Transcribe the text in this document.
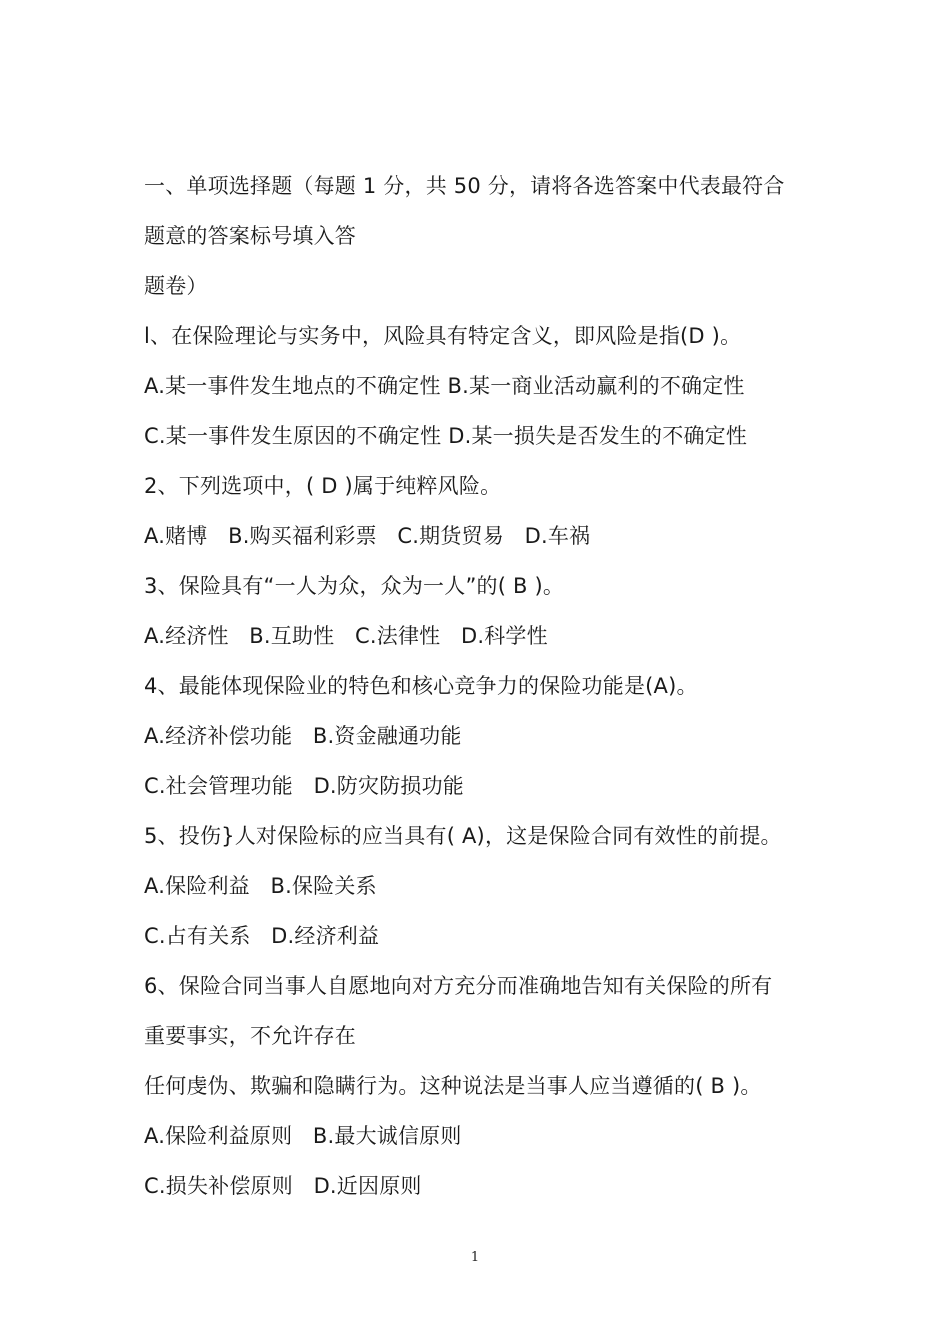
一、单项选择题（每题 1 分，共 50 分，请将各选答案中代表最符合
题意的答案标号填入答
题卷）
l、在保险理论与实务中，风险具有特定含义，即风险是指(D )。
A.某一事件发生地点的不确定性 B.某一商业活动赢利的不确定性
C.某一事件发生原因的不确定性 D.某一损失是否发生的不确定性
2、下列选项中，( D )属于纯粹风险。
A.赌博   B.购买福利彩票   C.期货贸易   D.车祸
3、保险具有“一人为众，众为一人”的( B )。
A.经济性   B.互助性   C.法律性   D.科学性
4、最能体现保险业的特色和核心竞争力的保险功能是(A)。
A.经济补偿功能   B.资金融通功能
C.社会管理功能   D.防灾防损功能
5、投伤}人对保险标的应当具有( A)，这是保险合同有效性的前提。
A.保险利益   B.保险关系
C.占有关系   D.经济利益
6、保险合同当事人自愿地向对方充分而准确地告知有关保险的所有
重要事实，不允许存在
任何虔伪、欺骗和隐瞒行为。这种说法是当事人应当遵循的( B )。
A.保险利益原则   B.最大诚信原则
C.损失补偿原则   D.近因原则
1
